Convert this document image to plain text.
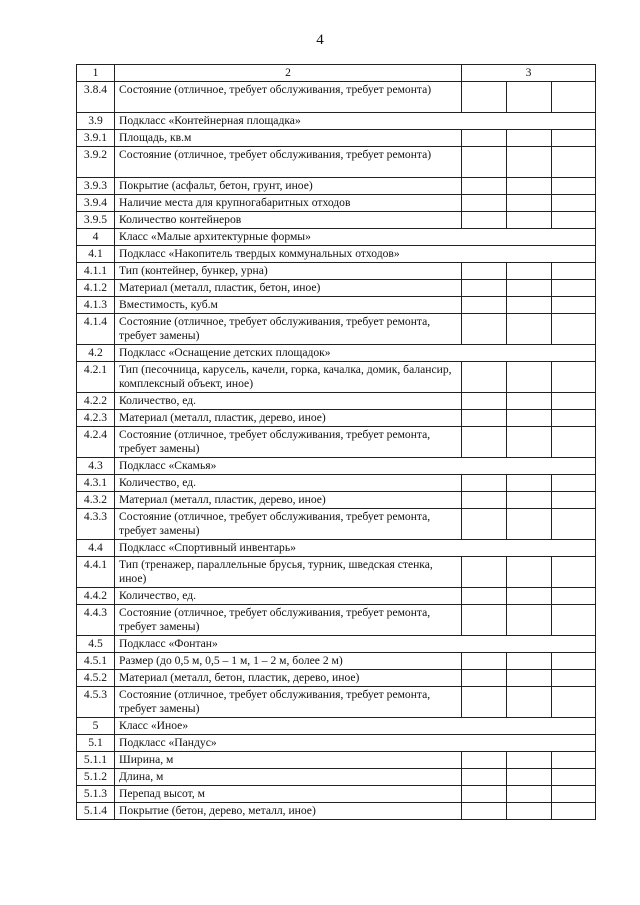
4
1	2	3		
3.8.4	Состояние (отличное, требует обслуживания, требует ремонта)			
3.9	Подкласс «Контейнерная площадка»			
3.9.1	Площадь, кв.м			
3.9.2	Состояние (отличное, требует обслуживания, требует ремонта)			
3.9.3	Покрытие (асфальт, бетон, грунт, иное)			
3.9.4	Наличие места для крупногабаритных отходов			
3.9.5	Количество контейнеров			
4	Класс «Малые архитектурные формы»			
4.1	Подкласс «Накопитель твердых коммунальных отходов»			
4.1.1	Тип (контейнер, бункер, урна)			
4.1.2	Материал (металл, пластик, бетон, иное)			
4.1.3	Вместимость, куб.м			
4.1.4	Состояние (отличное, требует обслуживания, требует ремонта, требует замены)			
4.2	Подкласс «Оснащение детских площадок»			
4.2.1	Тип (песочница, карусель, качели, горка, качалка, домик, балансир, комплексный объект, иное)			
4.2.2	Количество, ед.			
4.2.3	Материал (металл, пластик, дерево, иное)			
4.2.4	Состояние (отличное, требует обслуживания, требует ремонта, требует замены)			
4.3	Подкласс «Скамья»			
4.3.1	Количество, ед.			
4.3.2	Материал (металл, пластик, дерево, иное)			
4.3.3	Состояние (отличное, требует обслуживания, требует ремонта, требует замены)			
4.4	Подкласс «Спортивный инвентарь»			
4.4.1	Тип (тренажер, параллельные брусья, турник, шведская стенка, иное)			
4.4.2	Количество, ед.			
4.4.3	Состояние (отличное, требует обслуживания, требует ремонта, требует замены)			
4.5	Подкласс «Фонтан»			
4.5.1	Размер (до 0,5 м, 0,5 – 1 м, 1 – 2 м, более 2 м)			
4.5.2	Материал (металл, бетон, пластик, дерево, иное)			
4.5.3	Состояние (отличное, требует обслуживания, требует ремонта, требует замены)			
5	Класс «Иное»			
5.1	Подкласс «Пандус»			
5.1.1	Ширина, м			
5.1.2	Длина, м			
5.1.3	Перепад высот, м			
5.1.4	Покрытие (бетон, дерево, металл, иное)			
